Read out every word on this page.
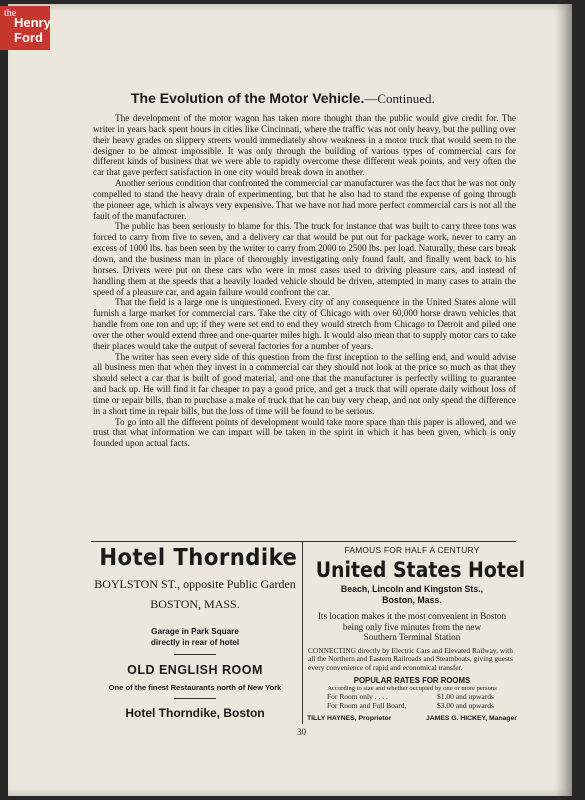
the
Henry
Ford
The Evolution of the Motor Vehicle.—Continued.

The development of the motor wagon has taken more thought than the public would give credit for. The writer in years back spent hours in cities like Cincinnati, where the traffic was not only heavy, but the pulling over their heavy grades on slippery streets would immediately show weakness in a motor truck that would seem to the designer to be almost impossible. It was only through the building of various types of commercial cars for different kinds of business that we were able to rapidly overcome these different weak points, and very often the car that gave perfect satisfaction in one city would break down in another.

Another serious condition that confronted the commercial car manufacturer was the fact that he was not only compelled to stand the heavy drain of experimenting, but that he also had to stand the expense of going through the pioneer age, which is always very expensive. That we have not had more perfect commercial cars is not all the fault of the manufacturer.

The public has been seriously to blame for this. The truck for instance that was built to carry three tons was forced to carry from five to seven, and a delivery car that would be put out for package work, never to carry an excess of 1000 lbs. has been seen by the writer to carry from 2000 to 2500 lbs. per load. Naturally, these cars break down, and the business man in place of thoroughly investigating only found fault, and finally went back to his horses. Drivers were put on these cars who were in most cases used to driving pleasure cars, and instead of handling them at the speeds that a heavily loaded vehicle should be driven, attempted in many cases to attain the speed of a pleasure car, and again failure would confront the car.

That the field is a large one is unquestioned. Every city of any consequence in the United States alone will furnish a large market for commercial cars. Take the city of Chicago with over 60,000 horse drawn vehicles that handle from one ton and up; if they were set end to end they would stretch from Chicago to Detroit and piled one over the other would extend three and one-quarter miles high. It would also mean that to supply motor cars to take their places would take the output of several factories for a number of years.

The writer has seen every side of this question from the first inception to the selling end, and would advise all business men that when they invest in a commercial car they should not look at the price so much as that they should select a car that is built of good material, and one that the manufacturer is perfectly willing to guarantee and back up. He will find it far cheaper to pay a good price, and get a truck that will operate daily without loss of time or repair bills, than to purchase a make of truck that he can buy very cheap, and not only spend the difference in a short time in repair bills, but the loss of time will be found to be serious.

To go into all the different points of development would take more space than this paper is allowed, and we trust that what information we can impart will be taken in the spirit in which it has been given, which is only founded upon actual facts.

Hotel Thorndike
BOYLSTON ST., opposite Public Garden
BOSTON, MASS.
Garage in Park Square
directly in rear of hotel
OLD ENGLISH ROOM
One of the finest Restaurants north of New York
Hotel Thorndike, Boston
FAMOUS FOR HALF A CENTURY
United States Hotel
Beach, Lincoln and Kingston Sts.,
Boston, Mass.
Its location makes it the most convenient in Boston
being only five minutes from the new
Southern Terminal Station
CONNECTING directly by Electric Cars and Elevated Railway, with all the Northern and Eastern Railroads and Steamboats, giving guests every convenience of rapid and economical transfer.
POPULAR RATES FOR ROOMS
According to size and whether occupied by one or more persons
For Room only . . . .	$1.00 and upwards
For Room and Full Board,	$3.00 and upwards
TILLY HAYNES, Proprietor	JAMES G. HICKEY, Manager
30
